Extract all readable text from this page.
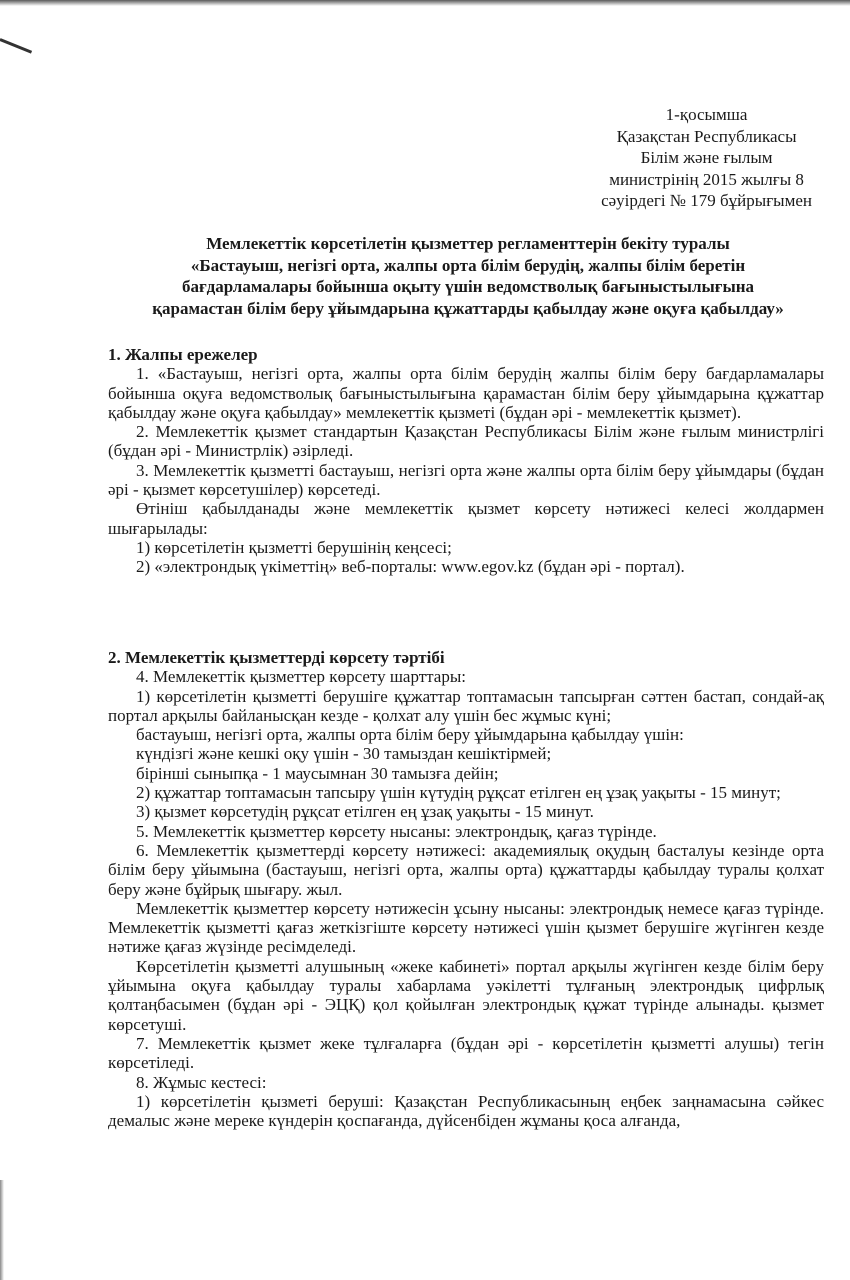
1-қосымша
Қазақстан Республикасы
Білім және ғылым
министрінің 2015 жылғы 8
сәуірдегі № 179 бұйрығымен
Мемлекеттік көрсетілетін қызметтер регламенттерін бекіту туралы
«Бастауыш, негізгі орта, жалпы орта білім берудің, жалпы білім беретін
бағдарламалары бойынша оқыту үшін ведомстволық бағыныстылығына
қарамастан білім беру ұйымдарына құжаттарды қабылдау және оқуға қабылдау»
1. Жалпы ережелер

1. «Бастауыш, негізгі орта, жалпы орта білім берудің жалпы білім беру бағдарламалары бойынша оқуға ведомстволық бағыныстылығына қарамастан білім беру ұйымдарына құжаттар қабылдау және оқуға қабылдау» мемлекеттік қызметі (бұдан әрі - мемлекеттік қызмет).

2. Мемлекеттік қызмет стандартын Қазақстан Республикасы Білім және ғылым министрлігі (бұдан әрі - Министрлік) әзірледі.

3. Мемлекеттік қызметті бастауыш, негізгі орта және жалпы орта білім беру ұйымдары (бұдан әрі - қызмет көрсетушілер) көрсетеді.

Өтініш қабылданады және мемлекеттік қызмет көрсету нәтижесі келесі жолдармен шығарылады:

1) көрсетілетін қызметті берушінің кеңсесі;

2) «электрондық үкіметтің» веб-порталы: www.egov.kz (бұдан әрі - портал).

2. Мемлекеттік қызметтерді көрсету тәртібі

4. Мемлекеттік қызметтер көрсету шарттары:

1) көрсетілетін қызметті берушіге құжаттар топтамасын тапсырған сәттен бастап, сондай-ақ портал арқылы байланысқан кезде - қолхат алу үшін бес жұмыс күні;

бастауыш, негізгі орта, жалпы орта білім беру ұйымдарына қабылдау үшін:

күндізгі және кешкі оқу үшін - 30 тамыздан кешіктірмей;

бірінші сыныпқа - 1 маусымнан 30 тамызға дейін;

2) құжаттар топтамасын тапсыру үшін күтудің рұқсат етілген ең ұзақ уақыты - 15 минут;

3) қызмет көрсетудің рұқсат етілген ең ұзақ уақыты - 15 минут.

5. Мемлекеттік қызметтер көрсету нысаны: электрондық, қағаз түрінде.

6. Мемлекеттік қызметтерді көрсету нәтижесі: академиялық оқудың басталуы кезінде орта білім беру ұйымына (бастауыш, негізгі орта, жалпы орта) құжаттарды қабылдау туралы қолхат беру және бұйрық шығару. жыл.

Мемлекеттік қызметтер көрсету нәтижесін ұсыну нысаны: электрондық немесе қағаз түрінде. Мемлекеттік қызметті қағаз жеткізгіште көрсету нәтижесі үшін қызмет берушіге жүгінген кезде нәтиже қағаз жүзінде ресімделеді.

Көрсетілетін қызметті алушының «жеке кабинеті» портал арқылы жүгінген кезде білім беру ұйымына оқуға қабылдау туралы хабарлама уәкілетті тұлғаның электрондық цифрлық қолтаңбасымен (бұдан әрі - ЭЦҚ) қол қойылған электрондық құжат түрінде алынады. қызмет көрсетуші.

7. Мемлекеттік қызмет жеке тұлғаларға (бұдан әрі - көрсетілетін қызметті алушы) тегін көрсетіледі.

8. Жұмыс кестесі:

1) көрсетілетін қызметі беруші: Қазақстан Республикасының еңбек заңнамасына сәйкес демалыс және мереке күндерін қоспағанда, дүйсенбіден жұманы қоса алғанда,
